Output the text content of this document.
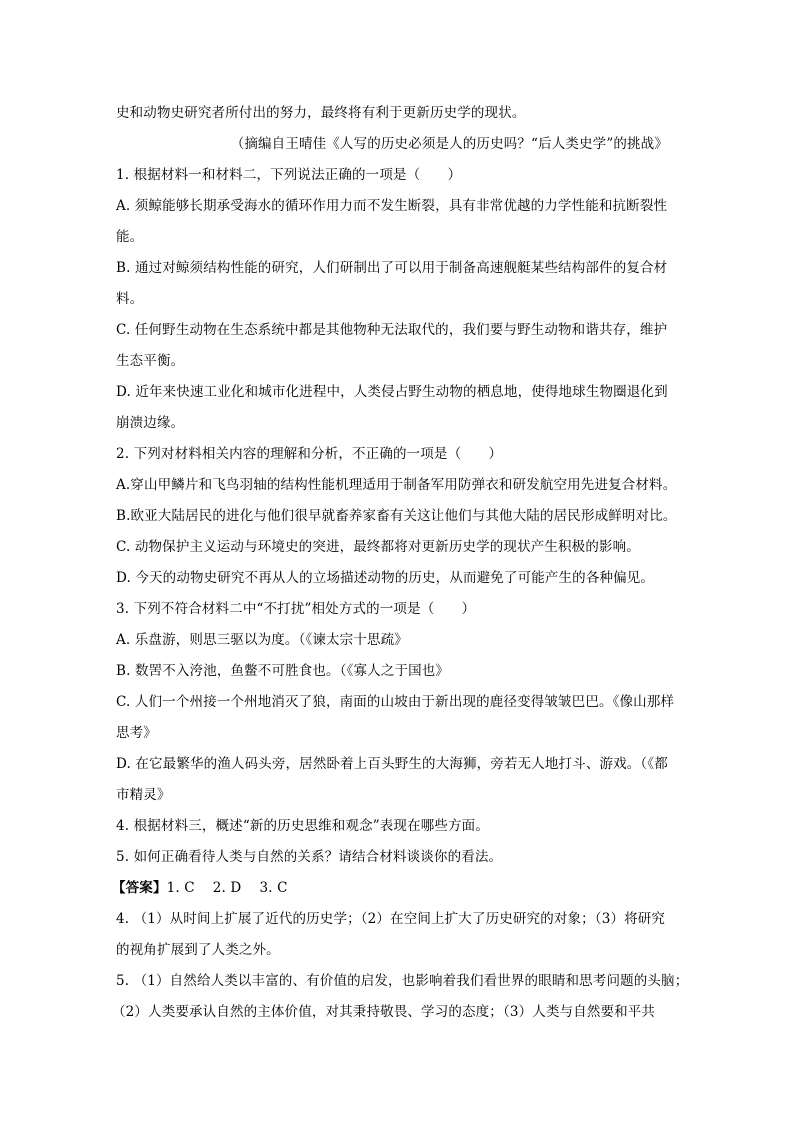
史和动物史研究者所付出的努力，最终将有利于更新历史学的现状。
（摘编自王晴佳《人写的历史必须是人的历史吗？“后人类史学”的挑战》
1. 根据材料一和材料二，下列说法正确的一项是（　　）
A. 须鲸能够长期承受海水的循环作用力而不发生断裂，具有非常优越的力学性能和抗断裂性
能。
B. 通过对鲸须结构性能的研究，人们研制出了可以用于制备高速舰艇某些结构部件的复合材
料。
C. 任何野生动物在生态系统中都是其他物种无法取代的，我们要与野生动物和谐共存，维护
生态平衡。
D. 近年来快速工业化和城市化进程中，人类侵占野生动物的栖息地，使得地球生物圈退化到
崩溃边缘。
2. 下列对材料相关内容的理解和分析，不正确的一项是（　　）
A.穿山甲鳞片和飞鸟羽轴的结构性能机理适用于制备军用防弹衣和研发航空用先进复合材料。
B.欧亚大陆居民的进化与他们很早就畜养家畜有关这让他们与其他大陆的居民形成鲜明对比。
C. 动物保护主义运动与环境史的突进，最终都将对更新历史学的现状产生积极的影响。
D. 今天的动物史研究不再从人的立场描述动物的历史，从而避免了可能产生的各种偏见。
3. 下列不符合材料二中“不打扰”相处方式的一项是（　　）
A. 乐盘游，则思三驱以为度。（《谏太宗十思疏》
B. 数罟不入洿池，鱼鳖不可胜食也。（《寡人之于国也》
C. 人们一个州接一个州地消灭了狼，南面的山坡由于新出现的鹿径变得皱皱巴巴。《像山那样
思考》
D. 在它最繁华的渔人码头旁，居然卧着上百头野生的大海狮，旁若无人地打斗、游戏。（《都
市精灵》
4. 根据材料三，概述“新的历史思维和观念”表现在哪些方面。
5. 如何正确看待人类与自然的关系？请结合材料谈谈你的看法。
【答案】1. C　 2. D　 3. C
4. （1）从时间上扩展了近代的历史学；（2）在空间上扩大了历史研究的对象；（3）将研究
的视角扩展到了人类之外。
5. （1）自然给人类以丰富的、有价值的启发，也影响着我们看世界的眼睛和思考问题的头脑；
（2）人类要承认自然的主体价值，对其秉持敬畏、学习的态度；（3）人类与自然要和平共
